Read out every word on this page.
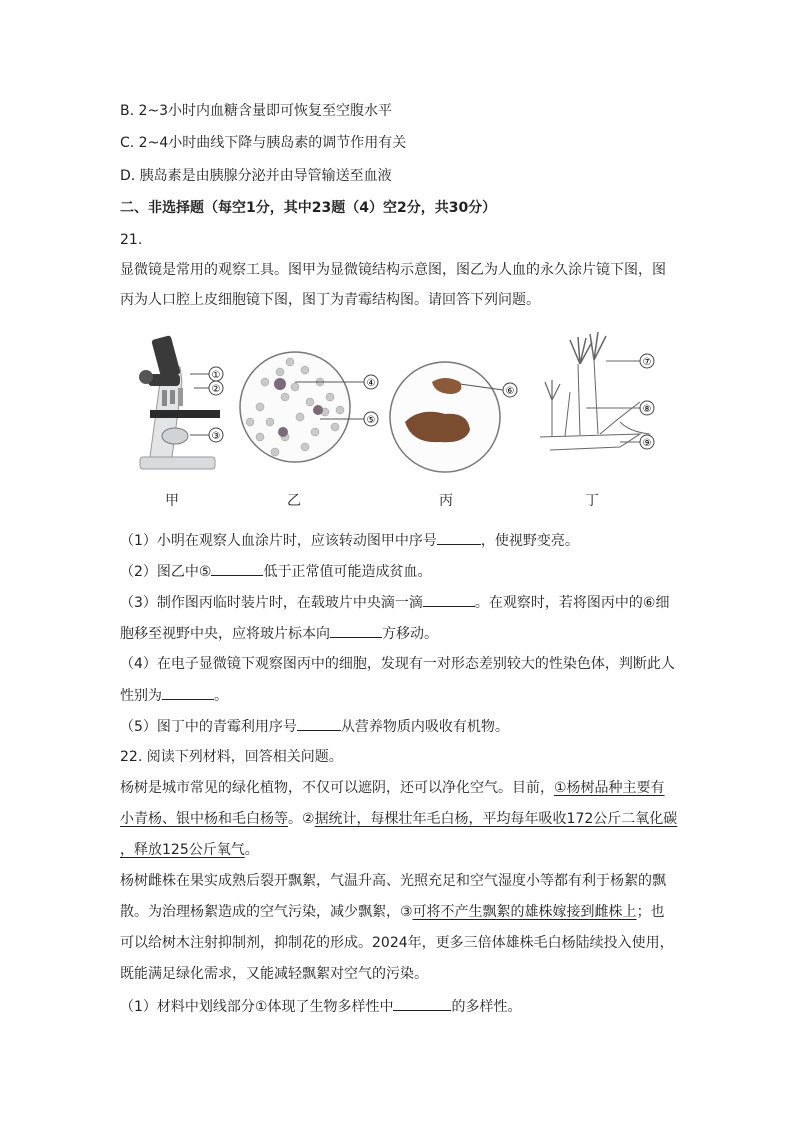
B. 2~3小时内血糖含量即可恢复至空腹水平
C. 2~4小时曲线下降与胰岛素的调节作用有关
D. 胰岛素是由胰腺分泌并由导管输送至血液
二、非选择题（每空1分，其中23题（4）空2分，共30分）
21.
显微镜是常用的观察工具。图甲为显微镜结构示意图，图乙为人血的永久涂片镜下图，图
丙为人口腔上皮细胞镜下图，图丁为青霉结构图。请回答下列问题。
①
②
③
④
⑤
⑥
⑦
⑧
⑨
甲	乙	丙	丁
（1）小明在观察人血涂片时，应该转动图甲中序号	，使视野变亮。
（2）图乙中⑤	低于正常值可能造成贫血。
（3）制作图丙临时装片时，在载玻片中央滴一滴	。在观察时，若将图丙中的⑥细
胞移至视野中央，应将玻片标本向	方移动。
（4）在电子显微镜下观察图丙中的细胞，发现有一对形态差别较大的性染色体，判断此人
性别为	。
（5）图丁中的青霉利用序号	从营养物质内吸收有机物。
22. 阅读下列材料，回答相关问题。
杨树是城市常见的绿化植物，不仅可以遮阴，还可以净化空气。目前，①杨树品种主要有
小青杨、银中杨和毛白杨等。②据统计，每棵壮年毛白杨，平均每年吸收172公斤二氧化碳
，释放125公斤氧气。
杨树雌株在果实成熟后裂开飘絮，气温升高、光照充足和空气湿度小等都有利于杨絮的飘
散。为治理杨絮造成的空气污染，减少飘絮，③可将不产生飘絮的雄株嫁接到雌株上；也
可以给树木注射抑制剂，抑制花的形成。2024年，更多三倍体雄株毛白杨陆续投入使用，
既能满足绿化需求，又能减轻飘絮对空气的污染。
（1）材料中划线部分①体现了生物多样性中	的多样性。
